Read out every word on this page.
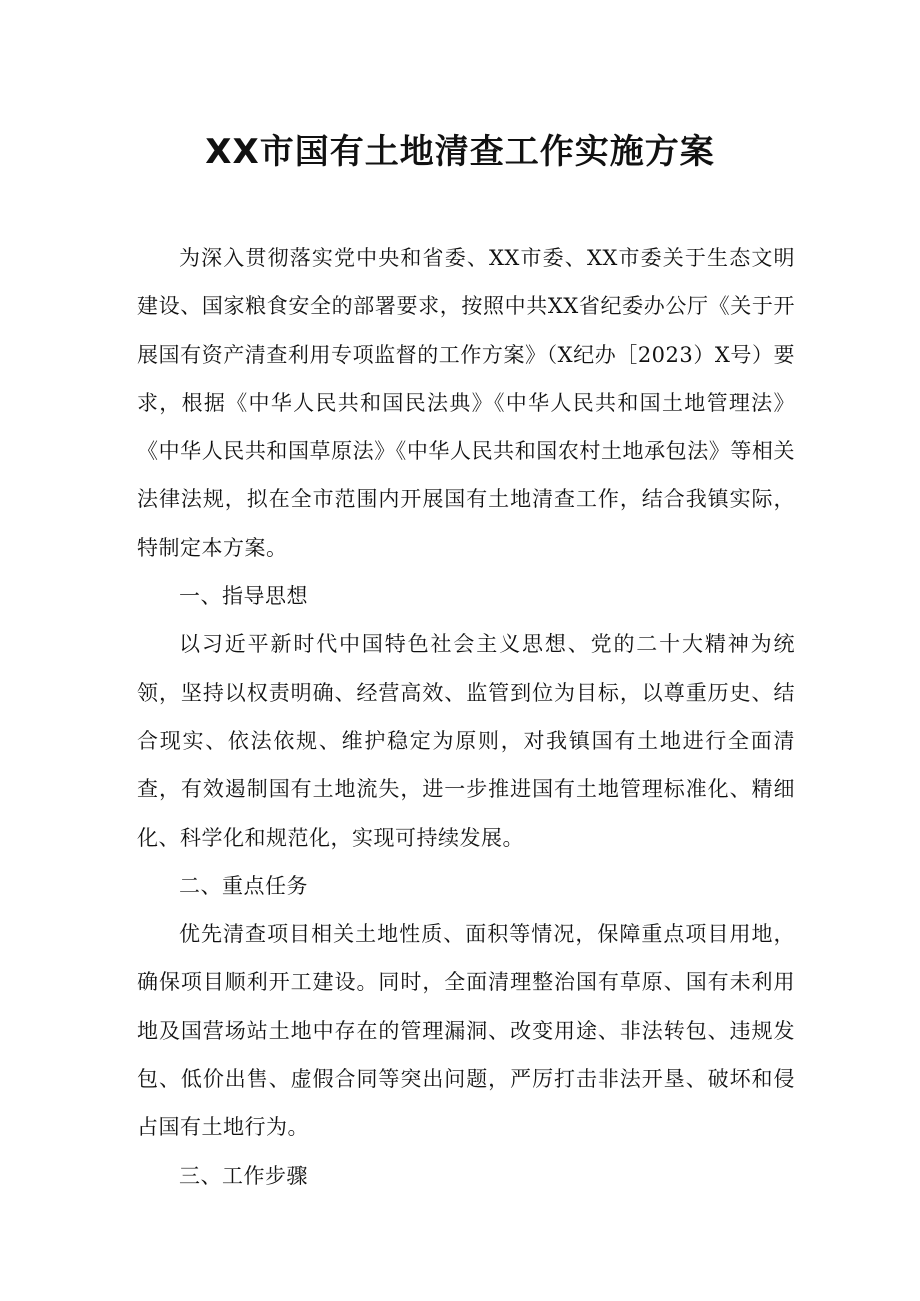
XX市国有土地清查工作实施方案

为深入贯彻落实党中央和省委、XX市委、XX市委关于生态文明建设、国家粮食安全的部署要求，按照中共XX省纪委办公厅《关于开展国有资产清查利用专项监督的工作方案》（X纪办［2023）X号）要求，根据《中华人民共和国民法典》《中华人民共和国土地管理法》《中华人民共和国草原法》《中华人民共和国农村土地承包法》等相关法律法规，拟在全市范围内开展国有土地清查工作，结合我镇实际，特制定本方案。

一、指导思想

以习近平新时代中国特色社会主义思想、党的二十大精神为统领，坚持以权责明确、经营高效、监管到位为目标，以尊重历史、结合现实、依法依规、维护稳定为原则，对我镇国有土地进行全面清查，有效遏制国有土地流失，进一步推进国有土地管理标准化、精细化、科学化和规范化，实现可持续发展。

二、重点任务

优先清查项目相关土地性质、面积等情况，保障重点项目用地，确保项目顺利开工建设。同时，全面清理整治国有草原、国有未利用地及国营场站土地中存在的管理漏洞、改变用途、非法转包、违规发包、低价出售、虚假合同等突出问题，严厉打击非法开垦、破坏和侵占国有土地行为。

三、工作步骤
